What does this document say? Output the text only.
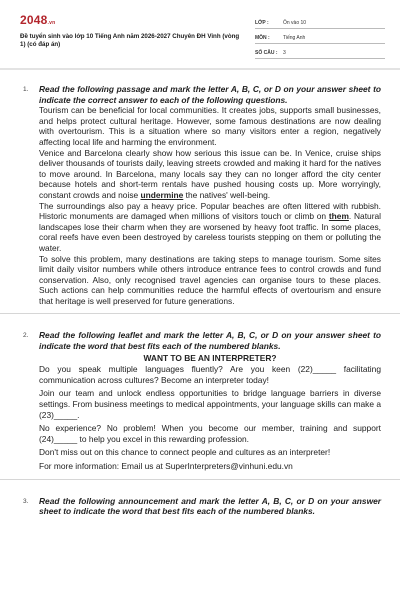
2048.vn
Đề tuyển sinh vào lớp 10 Tiếng Anh năm 2026-2027 Chuyên ĐH Vinh (vòng 1) (có đáp án)
LỚP :	Ôn vào 10
MÔN :	Tiếng Anh
SỐ CÂU : 3
1. Read the following passage and mark the letter A, B, C, or D on your answer sheet to indicate the correct answer to each of the following questions.

Tourism can be beneficial for local communities. It creates jobs, supports small businesses, and helps protect cultural heritage. However, some famous destinations are now dealing with overtourism. This is a situation where so many visitors enter a region, negatively affecting local life and harming the environment.

Venice and Barcelona clearly show how serious this issue can be. In Venice, cruise ships deliver thousands of tourists daily, leaving streets crowded and making it hard for the natives to move around. In Barcelona, many locals say they can no longer afford the city center because hotels and short-term rentals have pushed housing costs up. More worryingly, constant crowds and noise undermine the natives' well-being.

The surroundings also pay a heavy price. Popular beaches are often littered with rubbish. Historic monuments are damaged when millions of visitors touch or climb on them. Natural landscapes lose their charm when they are worsened by heavy foot traffic. In some places, coral reefs have even been destroyed by careless tourists stepping on them or polluting the water.

To solve this problem, many destinations are taking steps to manage tourism. Some sites limit daily visitor numbers while others introduce entrance fees to control crowds and fund conservation. Also, only recognised travel agencies can organise tours to these places. Such actions can help communities reduce the harmful effects of overtourism and ensure that heritage is well preserved for future generations.

2. Read the following leaflet and mark the letter A, B, C, or D on your answer sheet to indicate the word that best fits each of the numbered blanks.

WANT TO BE AN INTERPRETER?

Do you speak multiple languages fluently? Are you keen (22)_____ facilitating communication across cultures? Become an interpreter today!

Join our team and unlock endless opportunities to bridge language barriers in diverse settings. From business meetings to medical appointments, your language skills can make a (23)_____.

No experience? No problem! When you become our member, training and support (24)_____ to help you excel in this rewarding profession.

Don't miss out on this chance to connect people and cultures as an interpreter!

For more information: Email us at SuperInterpreters@vinhuni.edu.vn

3. Read the following announcement and mark the letter A, B, C, or D on your answer sheet to indicate the word that best fits each of the numbered blanks.
